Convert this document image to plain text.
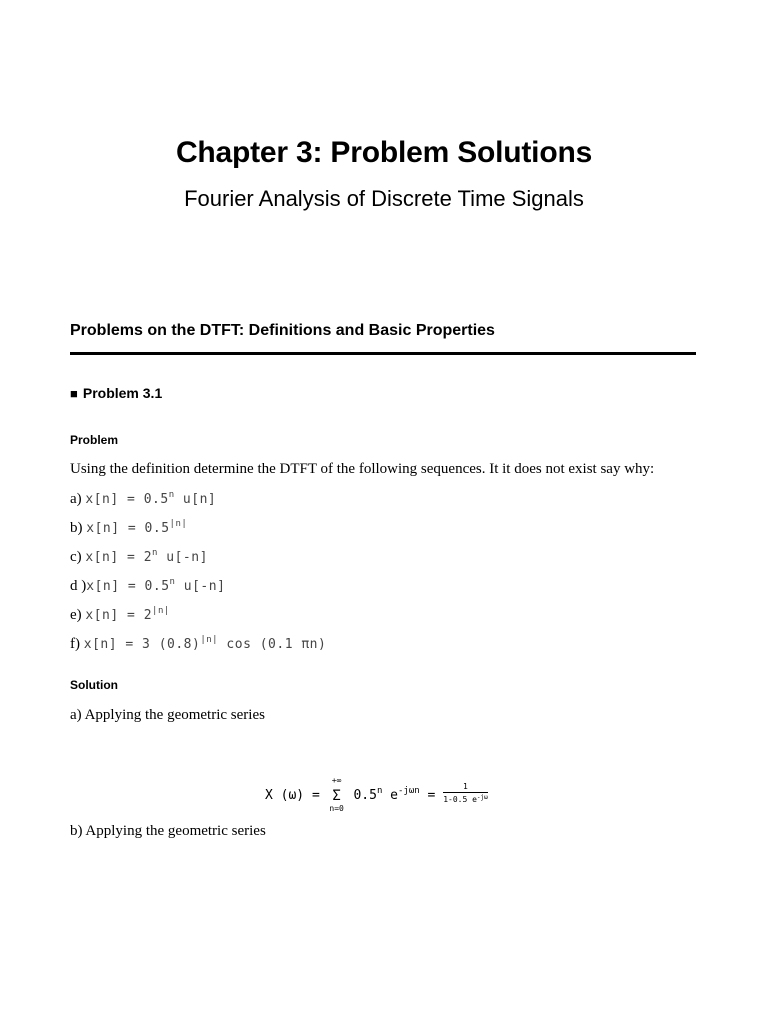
Chapter 3: Problem Solutions
Fourier Analysis of Discrete Time Signals
Problems on the DTFT: Definitions and Basic Properties
■ Problem 3.1
Problem
Using the definition determine the DTFT of the following sequences. It it does not exist say why:
a) $x[n] = 0.5^n$ u[n]
b) $x[n] = 0.5^{|n|}$
c) $x[n] = 2^n$ u[-n]
d )$x[n] = 0.5^n$ u[-n]
e) $x[n] = 2^{|n|}$
f) x[n] = 3 $(0.8)^{|n|}$ cos (0.1 πn)
Solution
a) Applying the geometric series
X (ω) =
+∞
Σ
n=0
0.5$^n$ $e^{-j\omega n} = \frac{1}{1-0.5 e^{-j\omega}}$
b) Applying the geometric series
